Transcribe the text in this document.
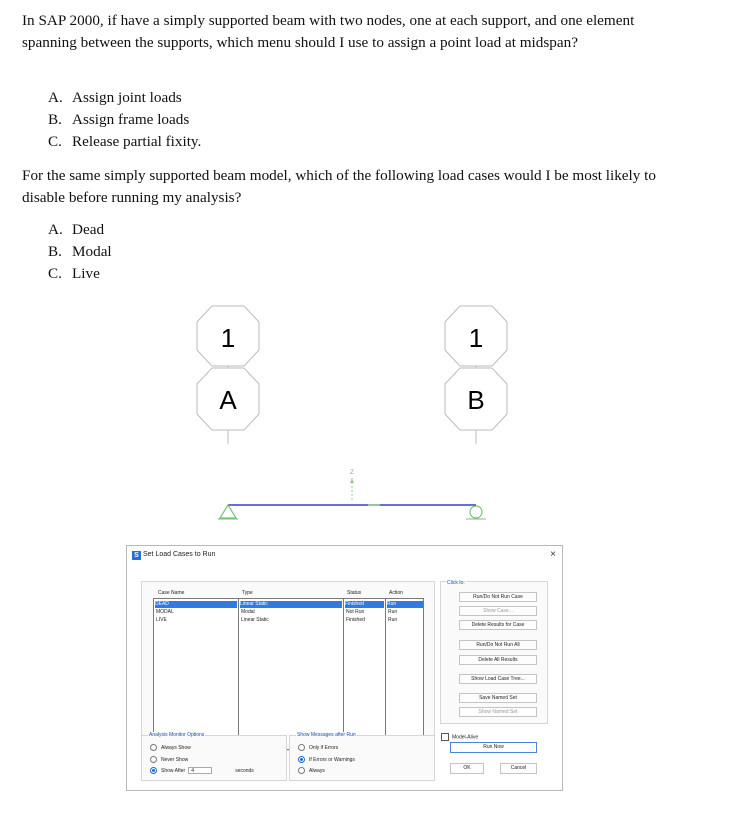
In SAP 2000, if have a simply supported beam with two nodes, one at each support, and one element spanning between the supports, which menu should I use to assign a point load at midspan?
A. Assign joint loads
B. Assign frame loads
C. Release partial fixity.
For the same simply supported beam model, which of the following load cases would I be most likely to disable before running my analysis?
A. Dead
B. Modal
C. Live
1
A
1
B
Z
S Set Load Cases to Run	×
Case Name	Type	Status	Action
DEAD	Linear Static	Finished	Run
MODAL	Modal	Not Run	Run
LIVE	Linear Static	Finished	Run
Click to:
Run/Do Not Run Case
Show Case...
Delete Results for Case
Run/Do Not Run All
Delete All Results
Show Load Case Tree...
Save Named Set
Show Named Set
Analysis Monitor Options
Always Show
Never Show
Show After 4	seconds
Show Messages after Run
Only if Errors
If Errors or Warnings
Always
Model-Alive
Run Now
OK	Cancel
